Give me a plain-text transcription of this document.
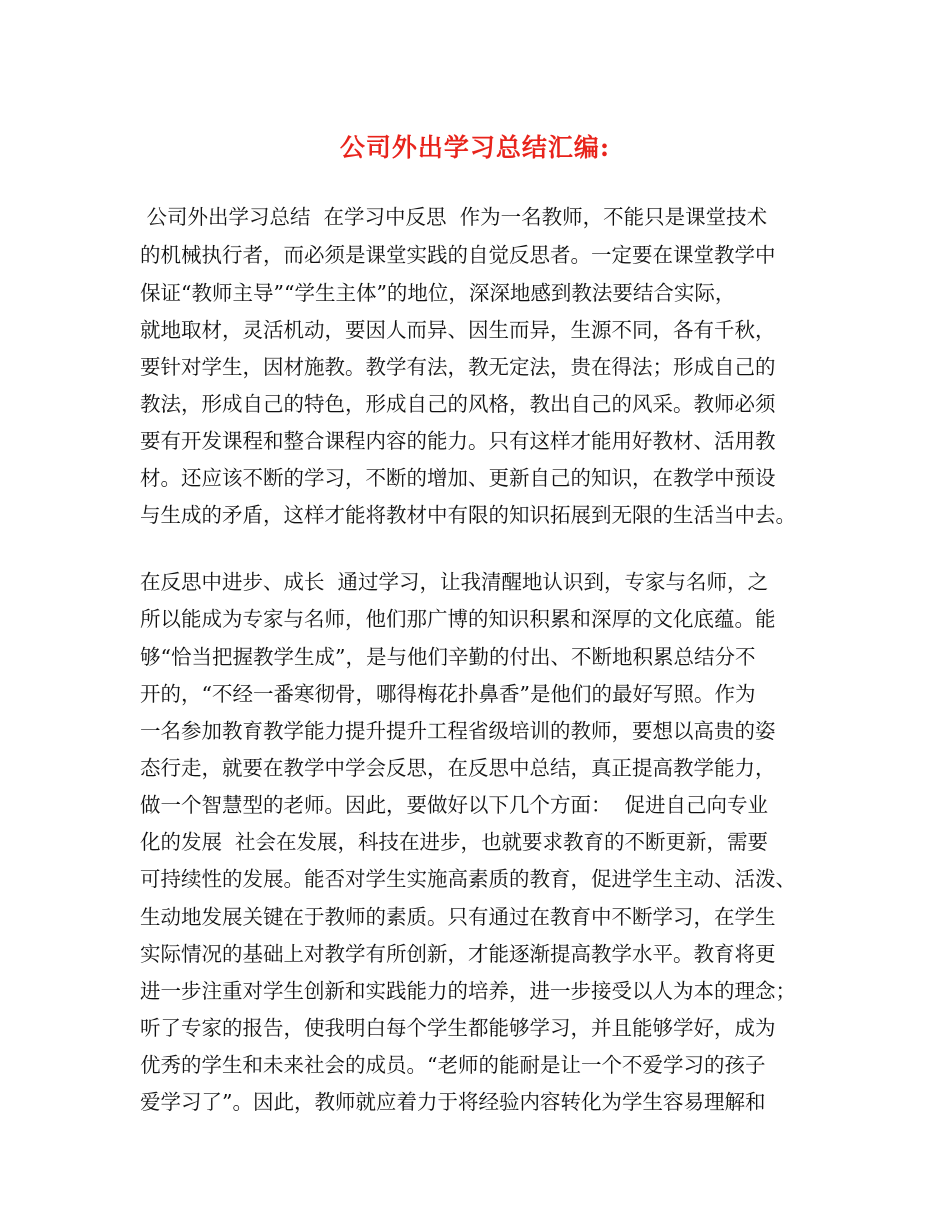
公司外出学习总结汇编:

公司外出学习总结  在学习中反思  作为一名教师，不能只是课堂技术

的机械执行者，而必须是课堂实践的自觉反思者。一定要在课堂教学中

保证“教师主导”“学生主体”的地位，深深地感到教法要结合实际，

就地取材，灵活机动，要因人而异、因生而异，生源不同，各有千秋，

要针对学生，因材施教。教学有法，教无定法，贵在得法；形成自己的

教法，形成自己的特色，形成自己的风格，教出自己的风采。教师必须

要有开发课程和整合课程内容的能力。只有这样才能用好教材、活用教

材。还应该不断的学习，不断的增加、更新自己的知识，在教学中预设

与生成的矛盾，这样才能将教材中有限的知识拓展到无限的生活当中去。

在反思中进步、成长  通过学习，让我清醒地认识到，专家与名师，之

所以能成为专家与名师，他们那广博的知识积累和深厚的文化底蕴。能

够“恰当把握教学生成”，是与他们辛勤的付出、不断地积累总结分不

开的，“不经一番寒彻骨，哪得梅花扑鼻香”是他们的最好写照。作为

一名参加教育教学能力提升提升工程省级培训的教师，要想以高贵的姿

态行走，就要在教学中学会反思，在反思中总结，真正提高教学能力，

做一个智慧型的老师。因此，要做好以下几个方面：  促进自己向专业

化的发展  社会在发展，科技在进步，也就要求教育的不断更新，需要

可持续性的发展。能否对学生实施高素质的教育，促进学生主动、活泼、

生动地发展关键在于教师的素质。只有通过在教育中不断学习，在学生

实际情况的基础上对教学有所创新，才能逐渐提高教学水平。教育将更

进一步注重对学生创新和实践能力的培养，进一步接受以人为本的理念；

听了专家的报告，使我明白每个学生都能够学习，并且能够学好，成为

优秀的学生和未来社会的成员。“老师的能耐是让一个不爱学习的孩子

爱学习了”。因此，教师就应着力于将经验内容转化为学生容易理解和
